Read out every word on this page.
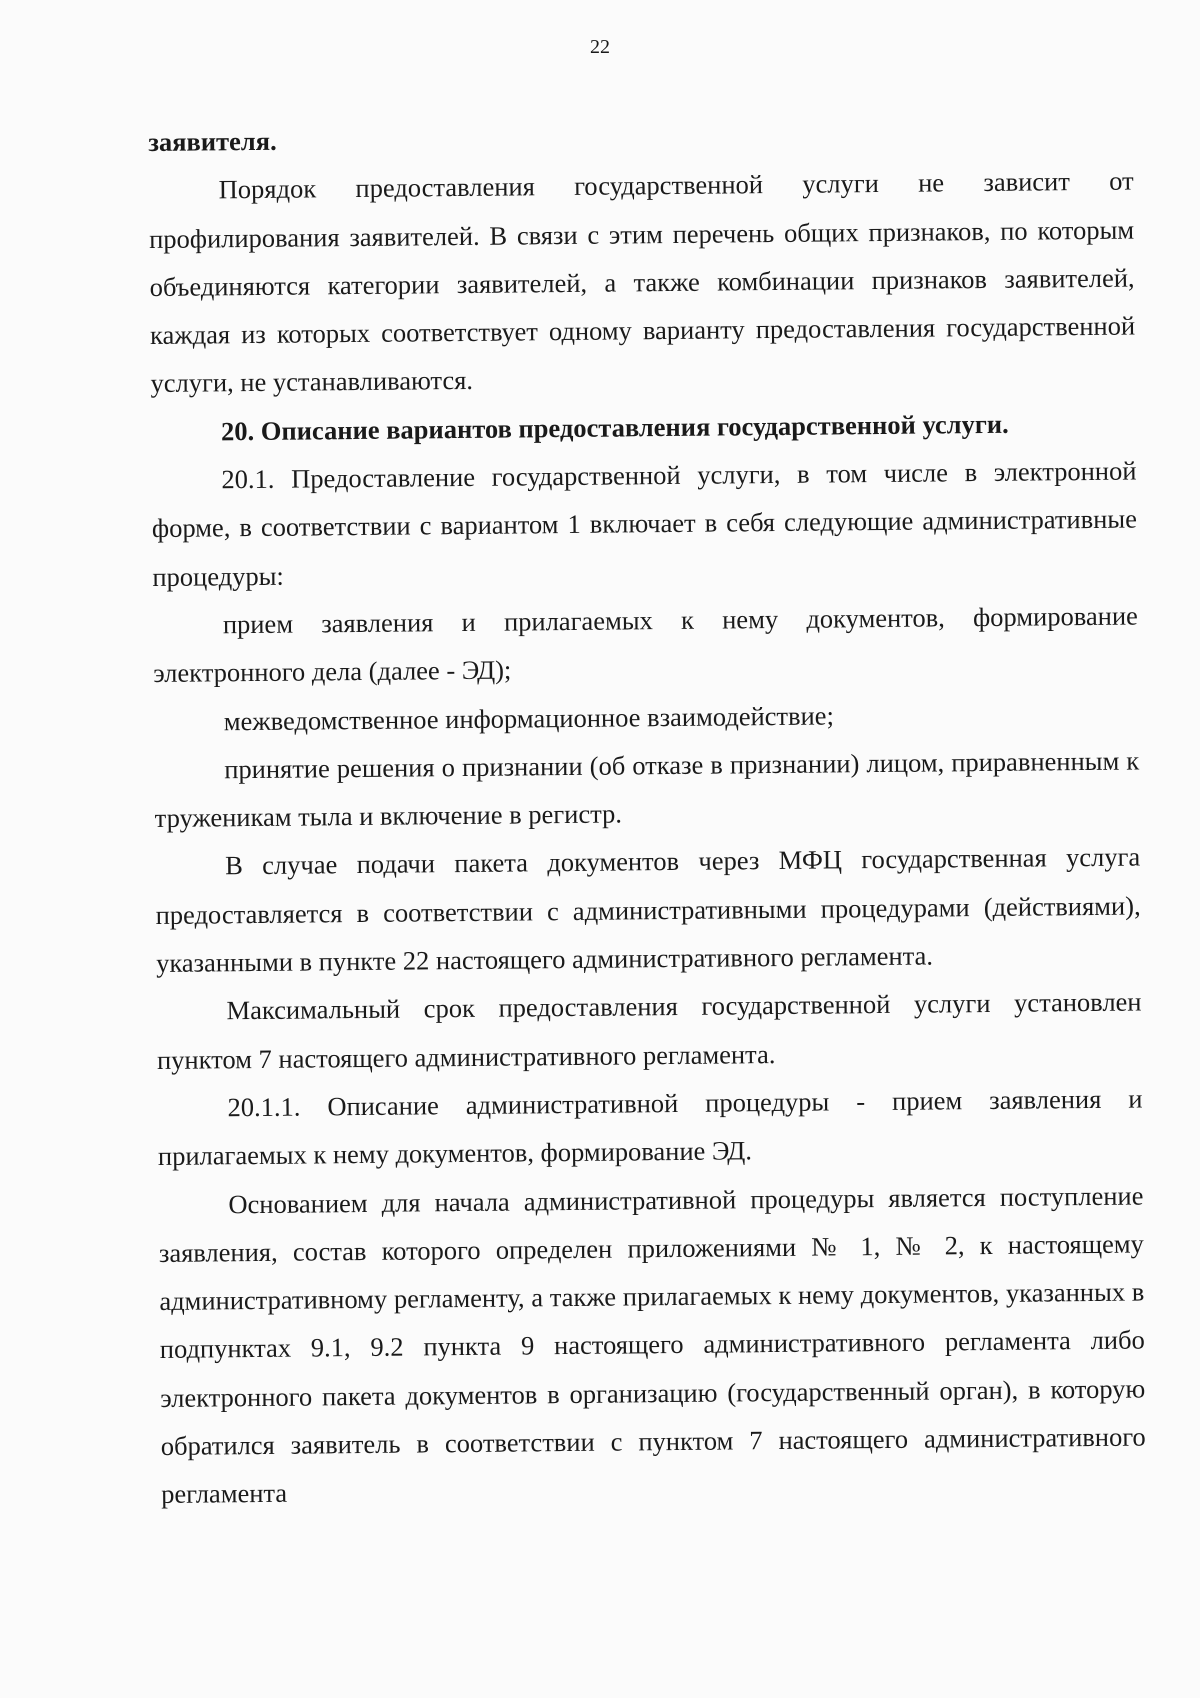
22

заявителя.

Порядок предоставления государственной услуги не зависит от профилирования заявителей. В связи с этим перечень общих признаков, по которым объединяются категории заявителей, а также комбинации признаков заявителей, каждая из которых соответствует одному варианту предоставления государственной услуги, не устанавливаются.

20. Описание вариантов предоставления государственной услуги.

20.1. Предоставление государственной услуги, в том числе в электронной форме, в соответствии с вариантом 1 включает в себя следующие административные процедуры:

прием заявления и прилагаемых к нему документов, формирование электронного дела (далее - ЭД);

межведомственное информационное взаимодействие;

принятие решения о признании (об отказе в признании) лицом, приравненным к труженикам тыла и включение в регистр.

В случае подачи пакета документов через МФЦ государственная услуга предоставляется в соответствии с административными процедурами (действиями), указанными в пункте 22 настоящего административного регламента.

Максимальный срок предоставления государственной услуги установлен пунктом 7 настоящего административного регламента.

20.1.1. Описание административной процедуры - прием заявления и прилагаемых к нему документов, формирование ЭД.

Основанием для начала административной процедуры является поступление заявления, состав которого определен приложениями № 1, № 2, к настоящему административному регламенту, а также прилагаемых к нему документов, указанных в подпунктах 9.1, 9.2 пункта 9 настоящего административного регламента либо электронного пакета документов в организацию (государственный орган), в которую обратился заявитель в соответствии с пунктом 7 настоящего административного регламента
